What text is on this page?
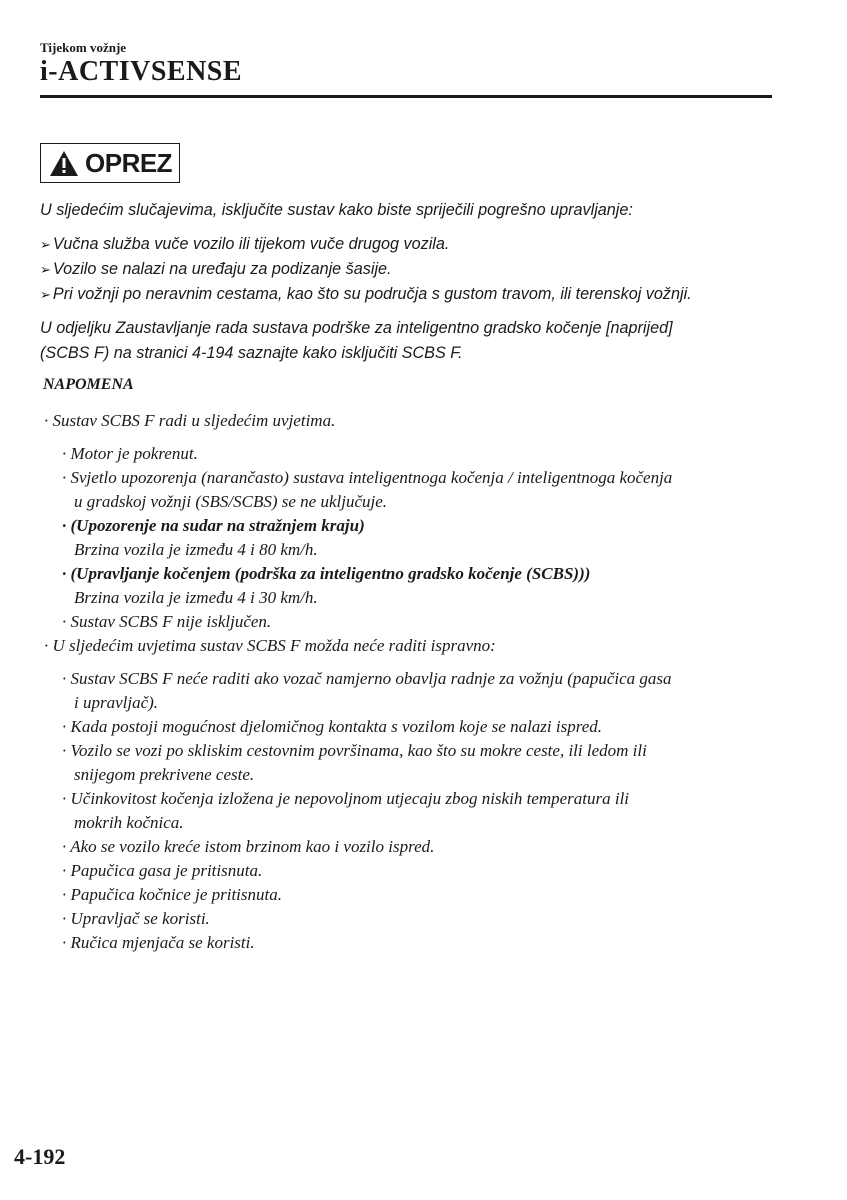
Tijekom vožnje
i-ACTIVSENSE
OPREZ
U sljedećim slučajevima, isključite sustav kako biste spriječili pogrešno upravljanje:
➢ Vučna služba vuče vozilo ili tijekom vuče drugog vozila.
➢ Vozilo se nalazi na uređaju za podizanje šasije.
➢ Pri vožnji po neravnim cestama, kao što su područja s gustom travom, ili terenskoj vožnji.
U odjeljku Zaustavljanje rada sustava podrške za inteligentno gradsko kočenje [naprijed]
(SCBS F) na stranici 4-194 saznajte kako isključiti SCBS F.
NAPOMENA
· Sustav SCBS F radi u sljedećim uvjetima.
· Motor je pokrenut.
· Svjetlo upozorenja (narančasto) sustava inteligentnoga kočenja / inteligentnoga kočenja
u gradskoj vožnji (SBS/SCBS) se ne uključuje.
· (Upozorenje na sudar na stražnjem kraju)
Brzina vozila je između 4 i 80 km/h.
· (Upravljanje kočenjem (podrška za inteligentno gradsko kočenje (SCBS)))
Brzina vozila je između 4 i 30 km/h.
· Sustav SCBS F nije isključen.
· U sljedećim uvjetima sustav SCBS F možda neće raditi ispravno:
· Sustav SCBS F neće raditi ako vozač namjerno obavlja radnje za vožnju (papučica gasa
i upravljač).
· Kada postoji mogućnost djelomičnog kontakta s vozilom koje se nalazi ispred.
· Vozilo se vozi po skliskim cestovnim površinama, kao što su mokre ceste, ili ledom ili
snijegom prekrivene ceste.
· Učinkovitost kočenja izložena je nepovoljnom utjecaju zbog niskih temperatura ili
mokrih kočnica.
· Ako se vozilo kreće istom brzinom kao i vozilo ispred.
· Papučica gasa je pritisnuta.
· Papučica kočnice je pritisnuta.
· Upravljač se koristi.
· Ručica mjenjača se koristi.
4-192
